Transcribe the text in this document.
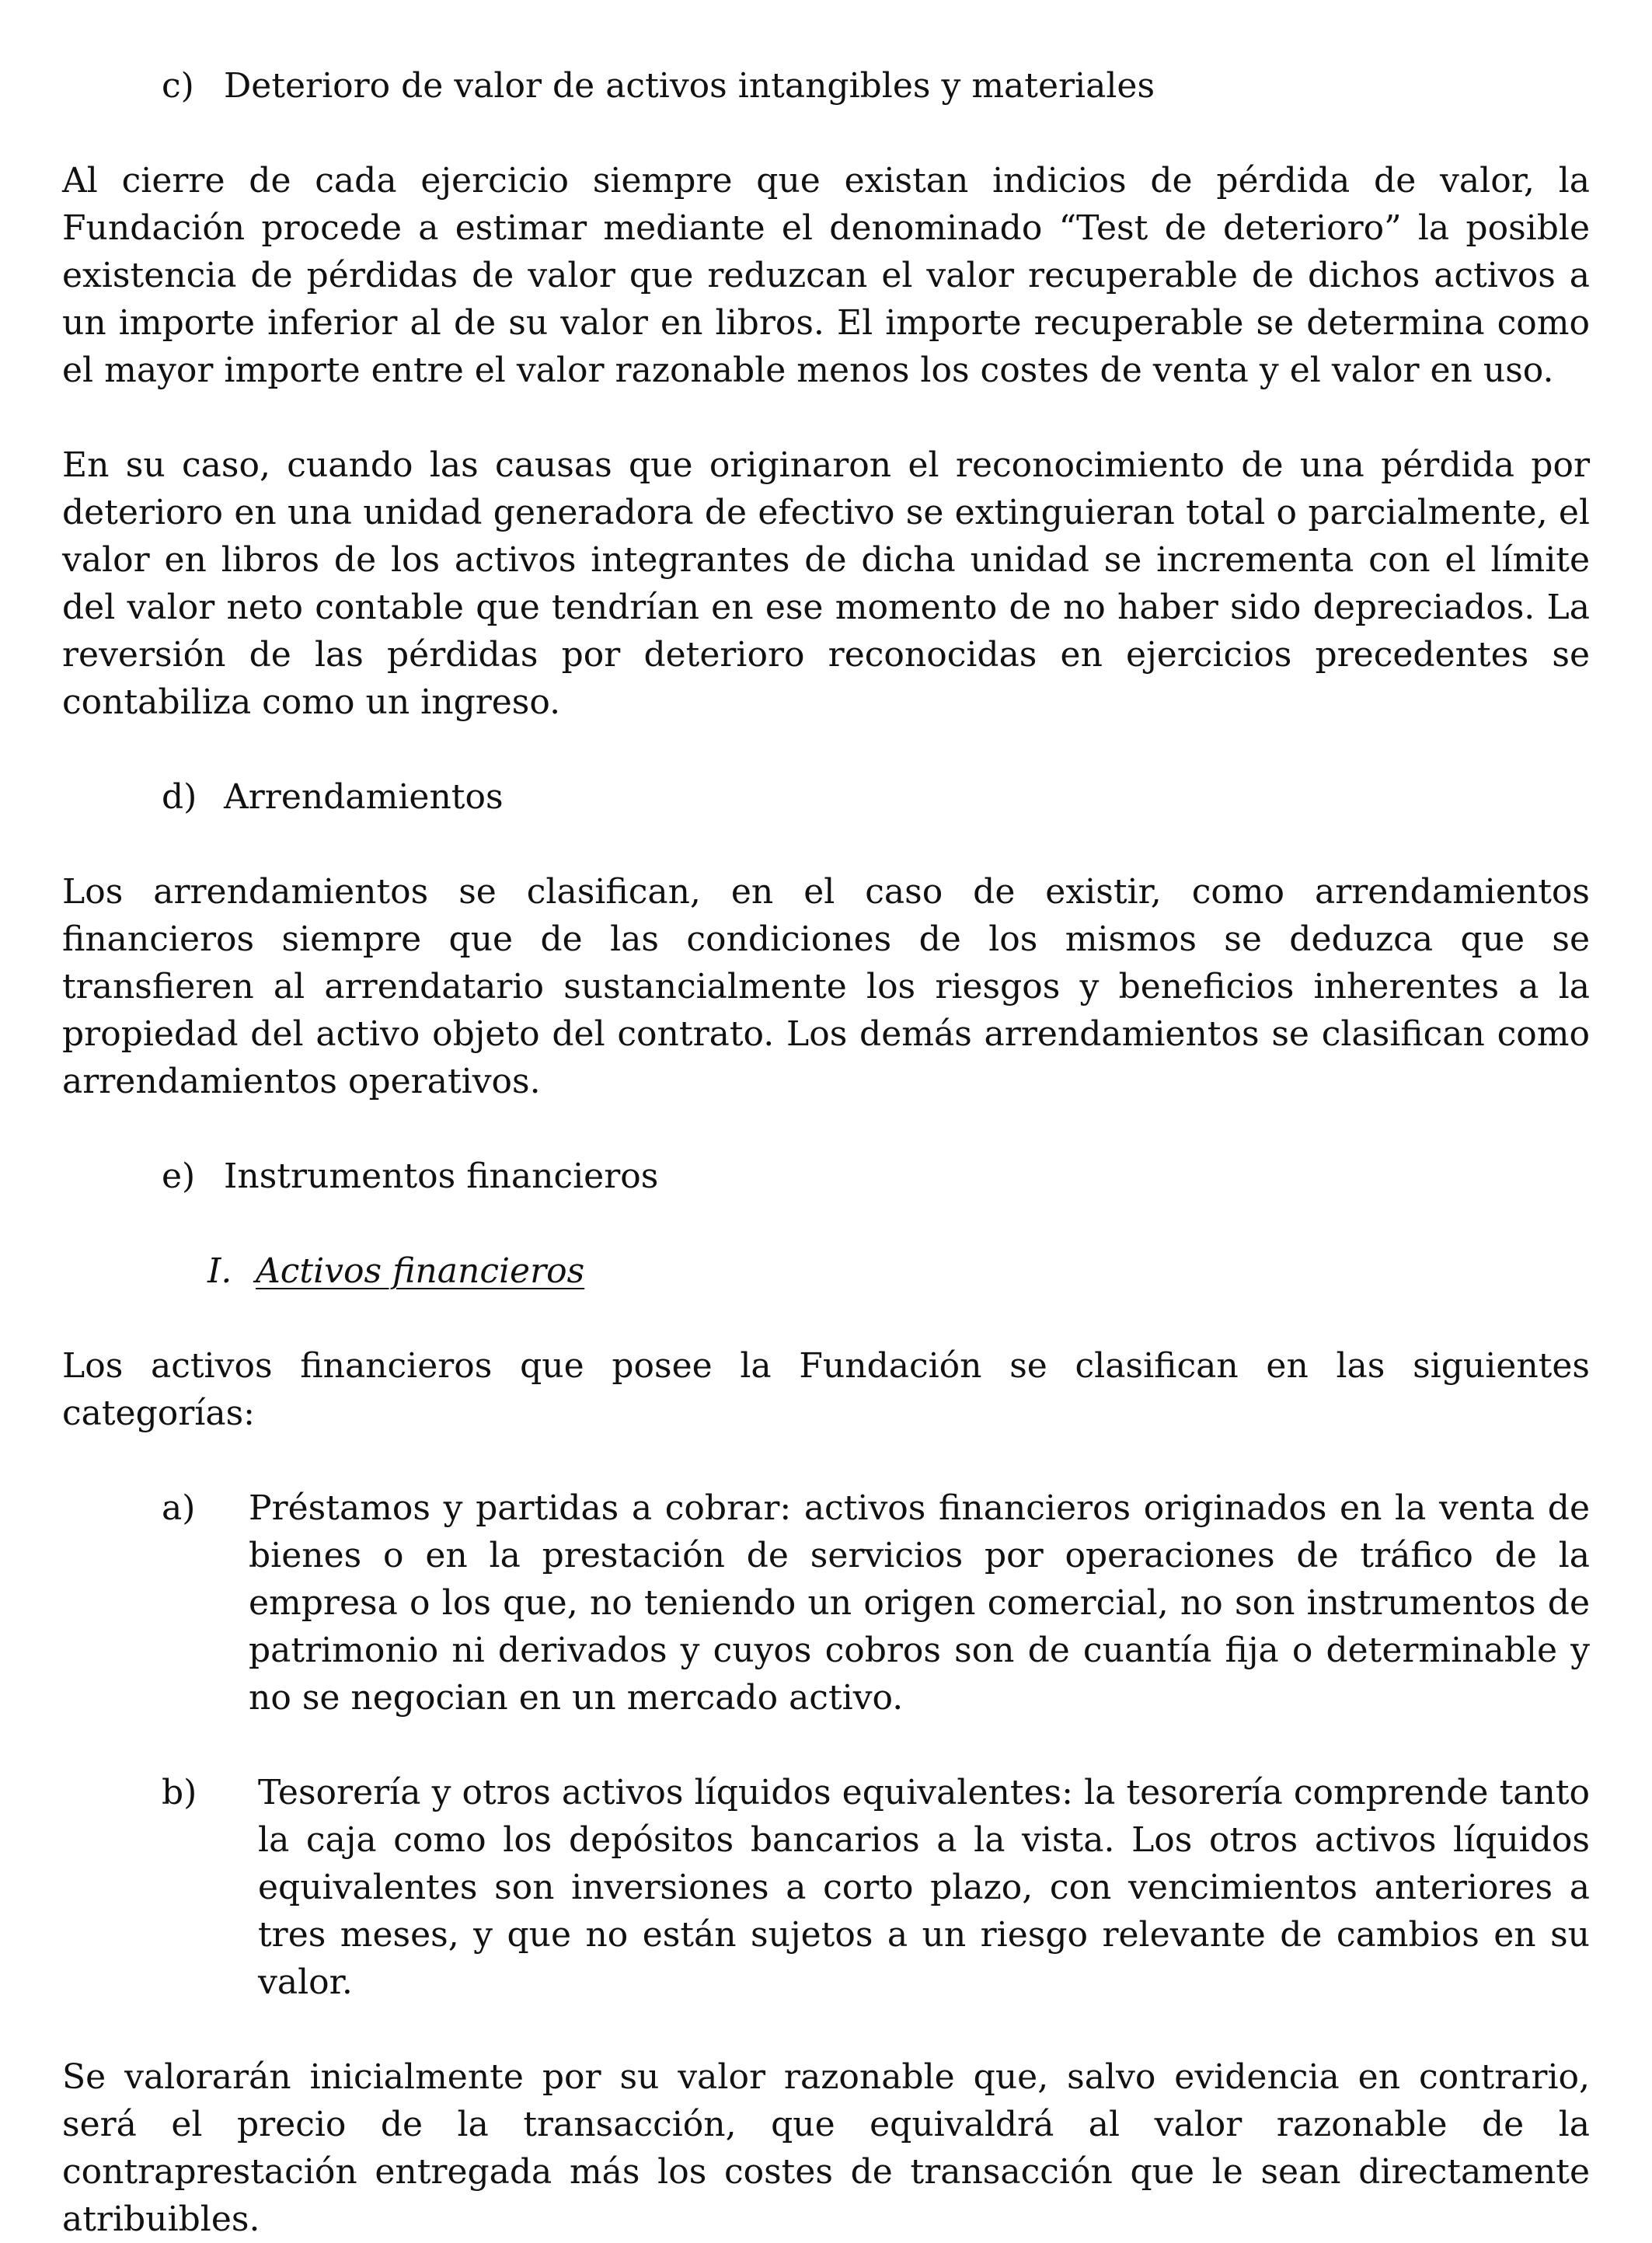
c) Deterioro de valor de activos intangibles y materiales

Al cierre de cada ejercicio siempre que existan indicios de pérdida de valor, la Fundación procede a estimar mediante el denominado “Test de deterioro” la posible existencia de pérdidas de valor que reduzcan el valor recuperable de dichos activos a un importe inferior al de su valor en libros. El importe recuperable se determina como el mayor importe entre el valor razonable menos los costes de venta y el valor en uso.

En su caso, cuando las causas que originaron el reconocimiento de una pérdida por deterioro en una unidad generadora de efectivo se extinguieran total o parcialmente, el valor en libros de los activos integrantes de dicha unidad se incrementa con el límite del valor neto contable que tendrían en ese momento de no haber sido depreciados. La reversión de las pérdidas por deterioro reconocidas en ejercicios precedentes se contabiliza como un ingreso.

d) Arrendamientos

Los arrendamientos se clasifican, en el caso de existir, como arrendamientos financieros siempre que de las condiciones de los mismos se deduzca que se transfieren al arrendatario sustancialmente los riesgos y beneficios inherentes a la propiedad del activo objeto del contrato. Los demás arrendamientos se clasifican como arrendamientos operativos.

e) Instrumentos financieros
I. Activos financieros

Los activos financieros que posee la Fundación se clasifican en las siguientes categorías:

a)	Préstamos y partidas a cobrar: activos financieros originados en la venta de bienes o en la prestación de servicios por operaciones de tráfico de la empresa o los que, no teniendo un origen comercial, no son instrumentos de patrimonio ni derivados y cuyos cobros son de cuantía fija o determinable y no se negocian en un mercado activo.
b)	Tesorería y otros activos líquidos equivalentes: la tesorería comprende tanto la caja como los depósitos bancarios a la vista. Los otros activos líquidos equivalentes son inversiones a corto plazo, con vencimientos anteriores a tres meses, y que no están sujetos a un riesgo relevante de cambios en su valor.

Se valorarán inicialmente por su valor razonable que, salvo evidencia en contrario, será el precio de la transacción, que equivaldrá al valor razonable de la contraprestación entregada más los costes de transacción que le sean directamente atribuibles.
